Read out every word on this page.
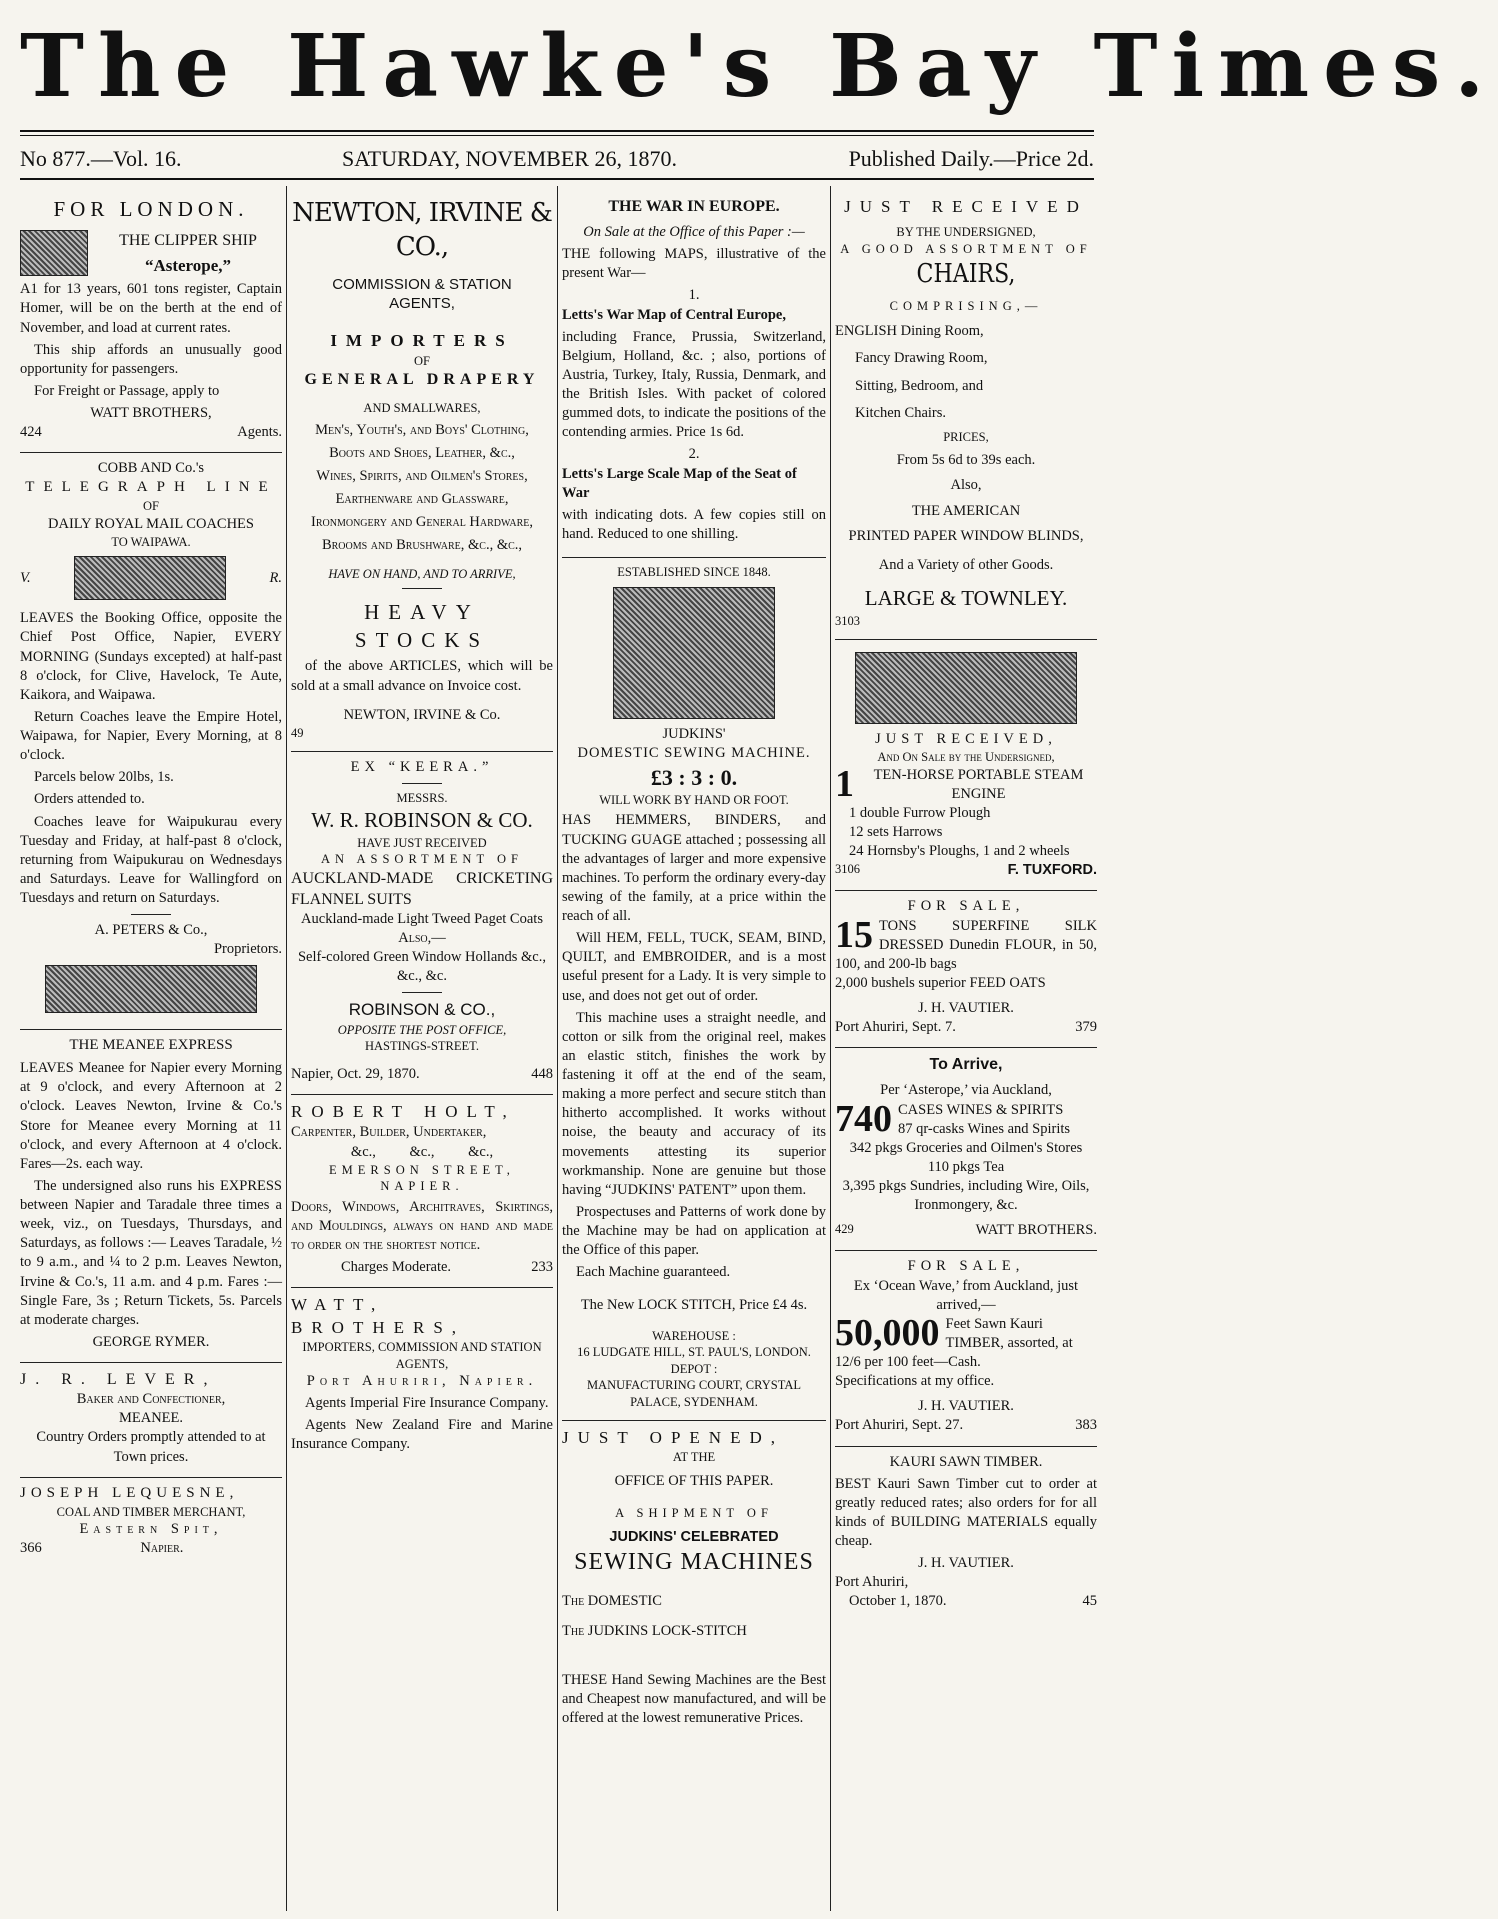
The Hawke's Bay Times.
No 877.—Vol. 16.	SATURDAY, NOVEMBER 26, 1870.	Published Daily.—Price 2d.
FOR LONDON.
THE CLIPPER SHIP
“Asterope,”

A1 for 13 years, 601 tons register, Captain Homer, will be on the berth at the end of November, and load at current rates.

This ship affords an unusually good opportunity for passengers.

For Freight or Passage, apply to

WATT BROTHERS,
424	Agents.
COBB AND Co.'s
TELEGRAPH LINE
OF
DAILY ROYAL MAIL COACHES
TO WAIPAWA.
V.	R.

LEAVES the Booking Office, opposite the Chief Post Office, Napier, EVERY MORNING (Sundays excepted) at half-past 8 o'clock, for Clive, Havelock, Te Aute, Kaikora, and Waipawa.

Return Coaches leave the Empire Hotel, Waipawa, for Napier, Every Morning, at 8 o'clock.

Parcels below 20lbs, 1s.

Orders attended to.

Coaches leave for Waipukurau every Tuesday and Friday, at half-past 8 o'clock, returning from Waipukurau on Wednesdays and Saturdays. Leave for Wallingford on Tuesdays and return on Saturdays.

A. PETERS & Co.,
Proprietors.
THE MEANEE EXPRESS

LEAVES Meanee for Napier every Morning at 9 o'clock, and every Afternoon at 2 o'clock. Leaves Newton, Irvine & Co.'s Store for Meanee every Morning at 11 o'clock, and every Afternoon at 4 o'clock. Fares—2s. each way.

The undersigned also runs his EXPRESS between Napier and Taradale three times a week, viz., on Tuesdays, Thursdays, and Saturdays, as follows :— Leaves Taradale, ½ to 9 a.m., and ¼ to 2 p.m. Leaves Newton, Irvine & Co.'s, 11 a.m. and 4 p.m. Fares :—Single Fare, 3s ; Return Tickets, 5s. Parcels at moderate charges.

GEORGE RYMER.
J. R. LEVER,
Baker and Confectioner,
MEANEE.
Country Orders promptly attended to at Town prices.
JOSEPH LEQUESNE,
COAL AND TIMBER MERCHANT,
Eastern Spit,
366	Napier.
NEWTON, IRVINE & CO.,
COMMISSION & STATION
AGENTS,
IMPORTERS
OF
GENERAL DRAPERY
AND SMALLWARES,
Men's, Youth's, and Boys' Clothing,
Boots and Shoes, Leather, &c.,
Wines, Spirits, and Oilmen's Stores,
Earthenware and Glassware,
Ironmongery and General Hardware,
Brooms and Brushware, &c., &c.,
HAVE ON HAND, AND TO ARRIVE,
HEAVY STOCKS

of the above ARTICLES, which will be sold at a small advance on Invoice cost.

NEWTON, IRVINE & Co.
49
EX “KEERA.”
MESSRS.
W. R. ROBINSON & CO.
HAVE JUST RECEIVED
AN ASSORTMENT OF
AUCKLAND-MADE CRICKETING FLANNEL SUITS
Auckland-made Light Tweed Paget Coats
Also,—
Self-colored Green Window Hollands &c., &c., &c.
ROBINSON & CO.,
OPPOSITE THE POST OFFICE,
HASTINGS-STREET.
Napier, Oct. 29, 1870.	448
ROBERT HOLT,
Carpenter, Builder, Undertaker,
&c., &c., &c.,
EMERSON STREET, NAPIER.

Doors, Windows, Architraves, Skirtings, and Mouldings, always on hand and made to order on the shortest notice.

Charges Moderate.	233
WATT, BROTHERS,
IMPORTERS, COMMISSION AND STATION AGENTS,
Port Ahuriri, Napier.

Agents Imperial Fire Insurance Company.

Agents New Zealand Fire and Marine Insurance Company.

THE WAR IN EUROPE.
On Sale at the Office of this Paper :—

THE following MAPS, illustrative of the present War—

1.
Letts's War Map of Central Europe,

including France, Prussia, Switzerland, Belgium, Holland, &c. ; also, portions of Austria, Turkey, Italy, Russia, Denmark, and the British Isles. With packet of colored gummed dots, to indicate the positions of the contending armies. Price 1s 6d.

2.
Letts's Large Scale Map of the Seat of War

with indicating dots. A few copies still on hand. Reduced to one shilling.

ESTABLISHED SINCE 1848.
JUDKINS'
DOMESTIC SEWING MACHINE.
£3 : 3 : 0.
WILL WORK BY HAND OR FOOT.

HAS HEMMERS, BINDERS, and TUCKING GUAGE attached ; possessing all the advantages of larger and more expensive machines. To perform the ordinary every-day sewing of the family, at a price within the reach of all.

Will HEM, FELL, TUCK, SEAM, BIND, QUILT, and EMBROIDER, and is a most useful present for a Lady. It is very simple to use, and does not get out of order.

This machine uses a straight needle, and cotton or silk from the original reel, makes an elastic stitch, finishes the work by fastening it off at the end of the seam, making a more perfect and secure stitch than hitherto accomplished. It works without noise, the beauty and accuracy of its movements attesting its superior workmanship. None are genuine but those having “JUDKINS' PATENT” upon them.

Prospectuses and Patterns of work done by the Machine may be had on application at the Office of this paper.

Each Machine guaranteed.

The New LOCK STITCH, Price £4 4s.
WAREHOUSE :
16 LUDGATE HILL, ST. PAUL'S, LONDON.
DEPOT :
MANUFACTURING COURT, CRYSTAL PALACE, SYDENHAM.
JUST OPENED,
AT THE
OFFICE OF THIS PAPER.
A SHIPMENT OF
JUDKINS' CELEBRATED
SEWING MACHINES
The DOMESTIC
The JUDKINS LOCK-STITCH

THESE Hand Sewing Machines are the Best and Cheapest now manufactured, and will be offered at the lowest remunerative Prices.

JUST RECEIVED
BY THE UNDERSIGNED,
A GOOD ASSORTMENT OF
CHAIRS,
COMPRISING,—
ENGLISH Dining Room,
Fancy Drawing Room,
Sitting, Bedroom, and
Kitchen Chairs.
PRICES,
From 5s 6d to 39s each.
Also,
THE AMERICAN
PRINTED PAPER WINDOW BLINDS,
And a Variety of other Goods.
LARGE & TOWNLEY.
3103
JUST RECEIVED,
And On Sale by the Undersigned,
1	TEN-HORSE PORTABLE STEAM ENGINE
1 double Furrow Plough
12 sets Harrows
24 Hornsby's Ploughs, 1 and 2 wheels
3106	F. TUXFORD.
FOR SALE,
15 TONS SUPERFINE SILK DRESSED Dunedin FLOUR, in 50, 100, and 200-lb bags
2,000 bushels superior FEED OATS
J. H. VAUTIER.
Port Ahuriri, Sept. 7.	379
To Arrive,
Per ‘Asterope,’ via Auckland,
740 CASES WINES & SPIRITS
87 qr-casks Wines and Spirits
342 pkgs Groceries and Oilmen's Stores
110 pkgs Tea
3,395 pkgs Sundries, including Wire, Oils, Ironmongery, &c.
429	WATT BROTHERS.
FOR SALE,
Ex ‘Ocean Wave,’ from Auckland, just arrived,—
50,000 Feet Sawn Kauri TIMBER, assorted, at 12/6 per 100 feet—Cash.
Specifications at my office.
J. H. VAUTIER.
Port Ahuriri, Sept. 27.	383
KAURI SAWN TIMBER.

BEST Kauri Sawn Timber cut to order at greatly reduced rates; also orders for for all kinds of BUILDING MATERIALS equally cheap.

J. H. VAUTIER.
Port Ahuriri,
October 1, 1870.	45
